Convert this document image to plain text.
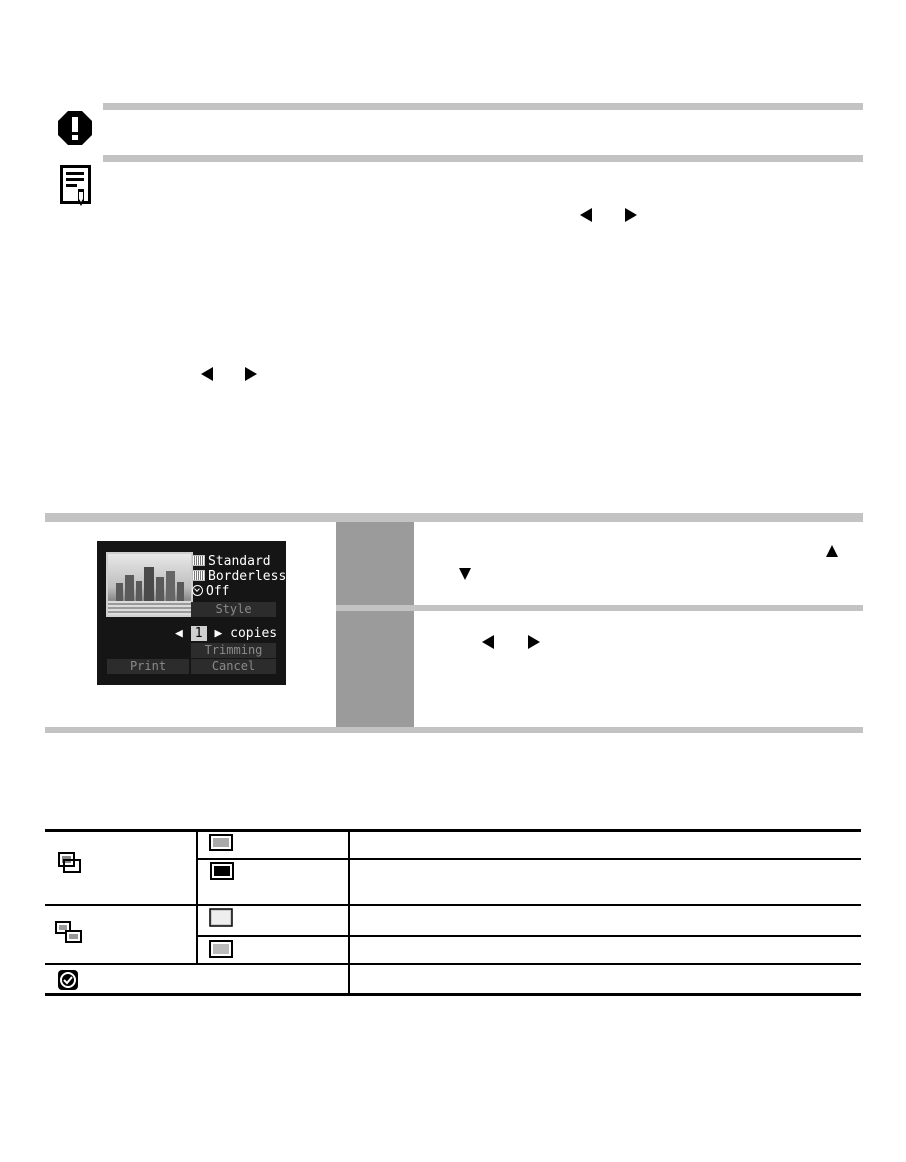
Standard
Borderless
Off
Style
◀ 1 ▶ copies
Trimming
Print	Cancel
